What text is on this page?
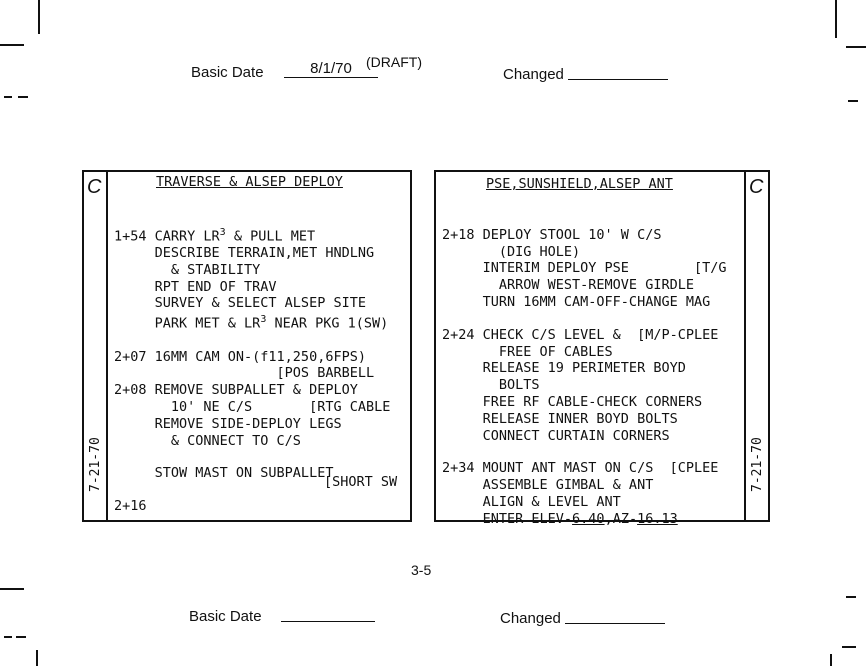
Basic Date	8/1/70	(DRAFT)
Changed
C
7-21-70
TRAVERSE & ALSEP DEPLOY

1+54 CARRY $LR^3$ & PULL MET
DESCRIBE TERRAIN,MET HNDLNG
& STABILITY
RPT END OF TRAV
SURVEY & SELECT ALSEP SITE
PARK MET & $LR^3$ NEAR PKG 1(SW)
2+07 16MM CAM ON-(f11,250,6FPS)
[POS BARBELL
2+08 REMOVE SUBPALLET & DEPLOY
10' NE C/S       [RTG CABLE
REMOVE SIDE-DEPLOY LEGS
& CONNECT TO C/S
STOW MAST ON SUBPALLET
2+16
[SHORT SW
C
7-21-70
PSE,SUNSHIELD,ALSEP ANT

2+18 DEPLOY STOOL 10' W C/S
(DIG HOLE)
INTERIM DEPLOY PSE        [T/G
ARROW WEST-REMOVE GIRDLE
TURN 16MM CAM-OFF-CHANGE MAG
2+24 CHECK C/S LEVEL &  [M/P-CPLEE
FREE OF CABLES
RELEASE 19 PERIMETER BOYD
BOLTS
FREE RF CABLE-CHECK CORNERS
RELEASE INNER BOYD BOLTS
CONNECT CURTAIN CORNERS
2+34 MOUNT ANT MAST ON C/S  [CPLEE
ASSEMBLE GIMBAL & ANT
ALIGN & LEVEL ANT
ENTER ELEV-6.40,AZ-16.13
3-5
Basic Date	Changed
